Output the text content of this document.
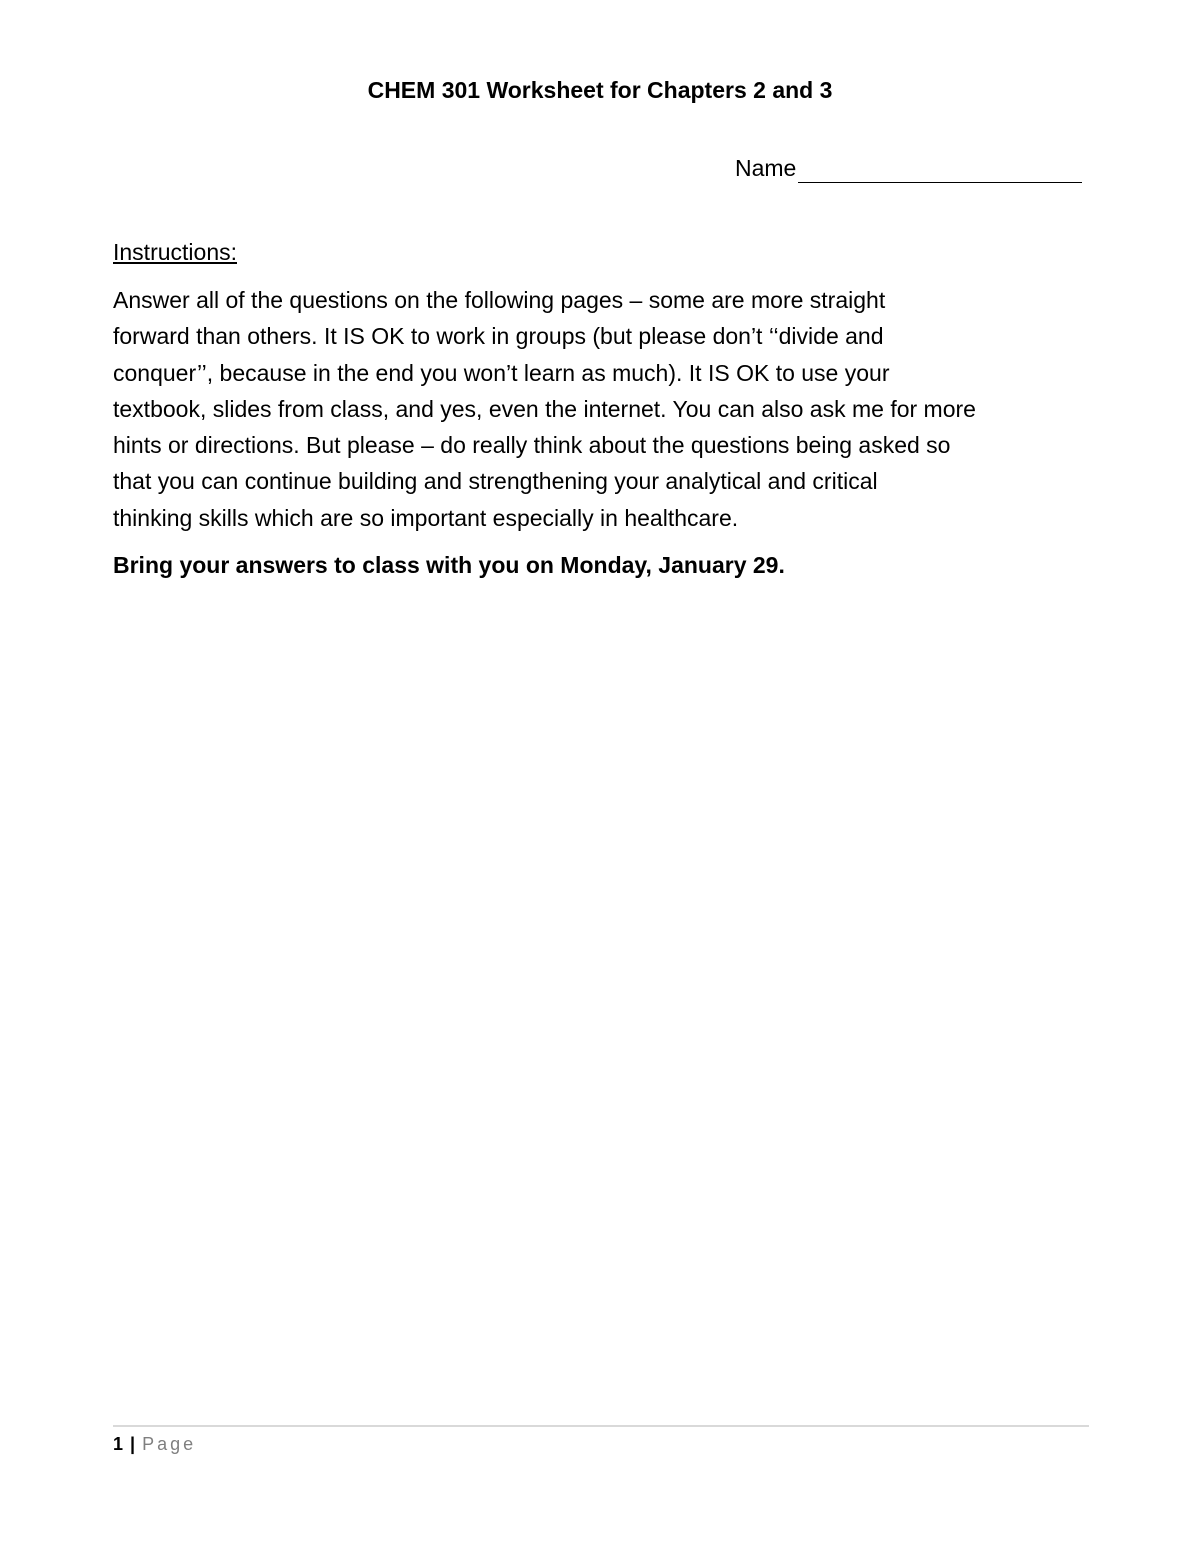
CHEM 301 Worksheet for Chapters 2 and 3
Name
Instructions:

Answer all of the questions on the following pages – some are more straight
forward than others. It IS OK to work in groups (but please don’t ‘‘divide and
conquer’’, because in the end you won’t learn as much). It IS OK to use your
textbook, slides from class, and yes, even the internet. You can also ask me for more
hints or directions. But please – do really think about the questions being asked so
that you can continue building and strengthening your analytical and critical
thinking skills which are so important especially in healthcare.

Bring your answers to class with you on Monday, January 29.
1 | Page
